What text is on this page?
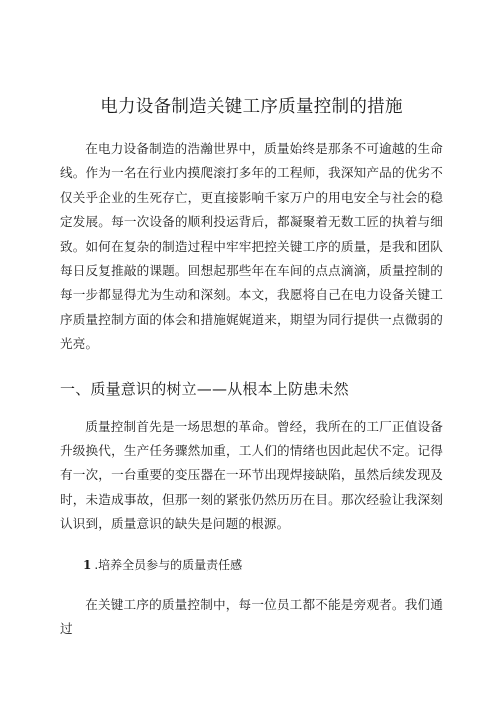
电力设备制造关键工序质量控制的措施

在电力设备制造的浩瀚世界中，质量始终是那条不可逾越的生命线。作为一名在行业内摸爬滚打多年的工程师，我深知产品的优劣不仅关乎企业的生死存亡，更直接影响千家万户的用电安全与社会的稳定发展。每一次设备的顺利投运背后，都凝聚着无数工匠的执着与细致。如何在复杂的制造过程中牢牢把控关键工序的质量，是我和团队每日反复推敲的课题。回想起那些年在车间的点点滴滴，质量控制的每一步都显得尤为生动和深刻。本文，我愿将自己在电力设备关键工序质量控制方面的体会和措施娓娓道来，期望为同行提供一点微弱的光亮。

一、质量意识的树立——从根本上防患未然

质量控制首先是一场思想的革命。曾经，我所在的工厂正值设备升级换代，生产任务骤然加重，工人们的情绪也因此起伏不定。记得有一次，一台重要的变压器在一环节出现焊接缺陷，虽然后续发现及时，未造成事故，但那一刻的紧张仍然历历在目。那次经验让我深刻认识到，质量意识的缺失是问题的根源。

1 .培养全员参与的质量责任感

在关键工序的质量控制中，每一位员工都不能是旁观者。我们通过
